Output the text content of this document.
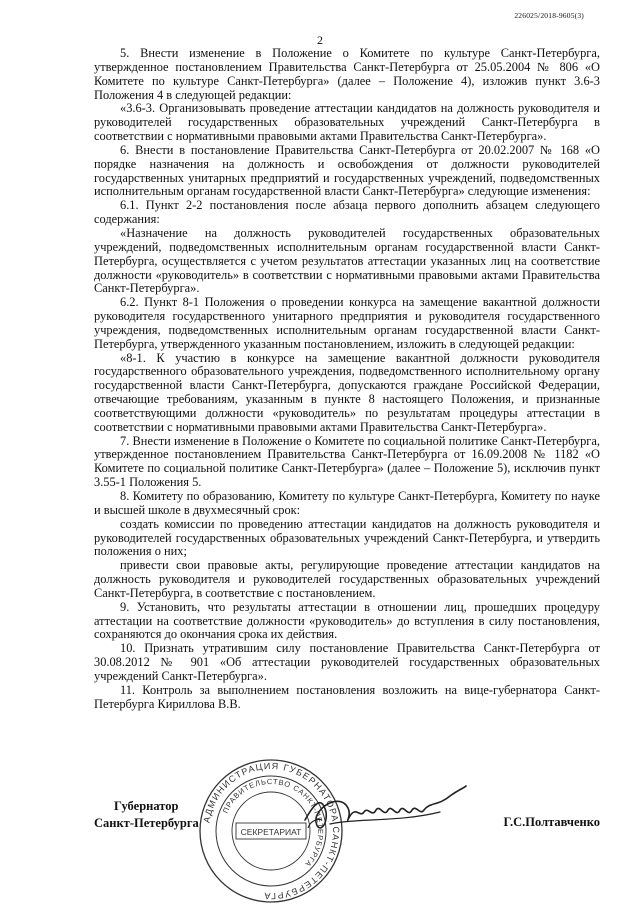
226025/2018-9605(3)
2

5. Внести изменение в Положение о Комитете по культуре Санкт-Петербурга, утвержденное постановлением Правительства Санкт-Петербурга от 25.05.2004 № 806 «О Комитете по культуре Санкт-Петербурга» (далее – Положение 4), изложив пункт 3.6-3 Положения 4 в следующей редакции:

«3.6-3. Организовывать проведение аттестации кандидатов на должность руководителя и руководителей государственных образовательных учреждений Санкт-Петербурга в соответствии с нормативными правовыми актами Правительства Санкт-Петербурга».

6. Внести в постановление Правительства Санкт-Петербурга от 20.02.2007 № 168 «О порядке назначения на должность и освобождения от должности руководителей государственных унитарных предприятий и государственных учреждений, подведомственных исполнительным органам государственной власти Санкт-Петербурга» следующие изменения:

6.1. Пункт 2-2 постановления после абзаца первого дополнить абзацем следующего содержания:

«Назначение на должность руководителей государственных образовательных учреждений, подведомственных исполнительным органам государственной власти Санкт-Петербурга, осуществляется с учетом результатов аттестации указанных лиц на соответствие должности «руководитель» в соответствии с нормативными правовыми актами Правительства Санкт-Петербурга».

6.2. Пункт 8-1 Положения о проведении конкурса на замещение вакантной должности руководителя государственного унитарного предприятия и руководителя государственного учреждения, подведомственных исполнительным органам государственной власти Санкт-Петербурга, утвержденного указанным постановлением, изложить в следующей редакции:

«8-1. К участию в конкурсе на замещение вакантной должности руководителя государственного образовательного учреждения, подведомственного исполнительному органу государственной власти Санкт-Петербурга, допускаются граждане Российской Федерации, отвечающие требованиям, указанным в пункте 8 настоящего Положения, и признанные соответствующими должности «руководитель» по результатам процедуры аттестации в соответствии с нормативными правовыми актами Правительства Санкт-Петербурга».

7. Внести изменение в Положение о Комитете по социальной политике Санкт-Петербурга, утвержденное постановлением Правительства Санкт-Петербурга от 16.09.2008 № 1182 «О Комитете по социальной политике Санкт-Петербурга» (далее – Положение 5), исключив пункт 3.55-1 Положения 5.

8. Комитету по образованию, Комитету по культуре Санкт-Петербурга, Комитету по науке и высшей школе в двухмесячный срок:

создать комиссии по проведению аттестации кандидатов на должность руководителя и руководителей государственных образовательных учреждений Санкт-Петербурга, и утвердить положения о них;

привести свои правовые акты, регулирующие проведение аттестации кандидатов на должность руководителя и руководителей государственных образовательных учреждений Санкт-Петербурга, в соответствие с постановлением.

9. Установить, что результаты аттестации в отношении лиц, прошедших процедуру аттестации на соответствие должности «руководитель» до вступления в силу постановления, сохраняются до окончания срока их действия.

10. Признать утратившим силу постановление Правительства Санкт-Петербурга от 30.08.2012 № 901 «Об аттестации руководителей государственных образовательных учреждений Санкт-Петербурга».

11. Контроль за выполнением постановления возложить на вице-губернатора Санкт-Петербурга Кириллова В.В.

АДМИНИСТРАЦИЯ ГУБЕРНАТОРА САНКТ-ПЕТЕРБУРГА
ПРАВИТЕЛЬСТВО САНКТ-ПЕТЕРБУРГА
СЕКРЕТАРИАТ
Губернатор
Санкт-Петербурга	Г.С.Полтавченко
